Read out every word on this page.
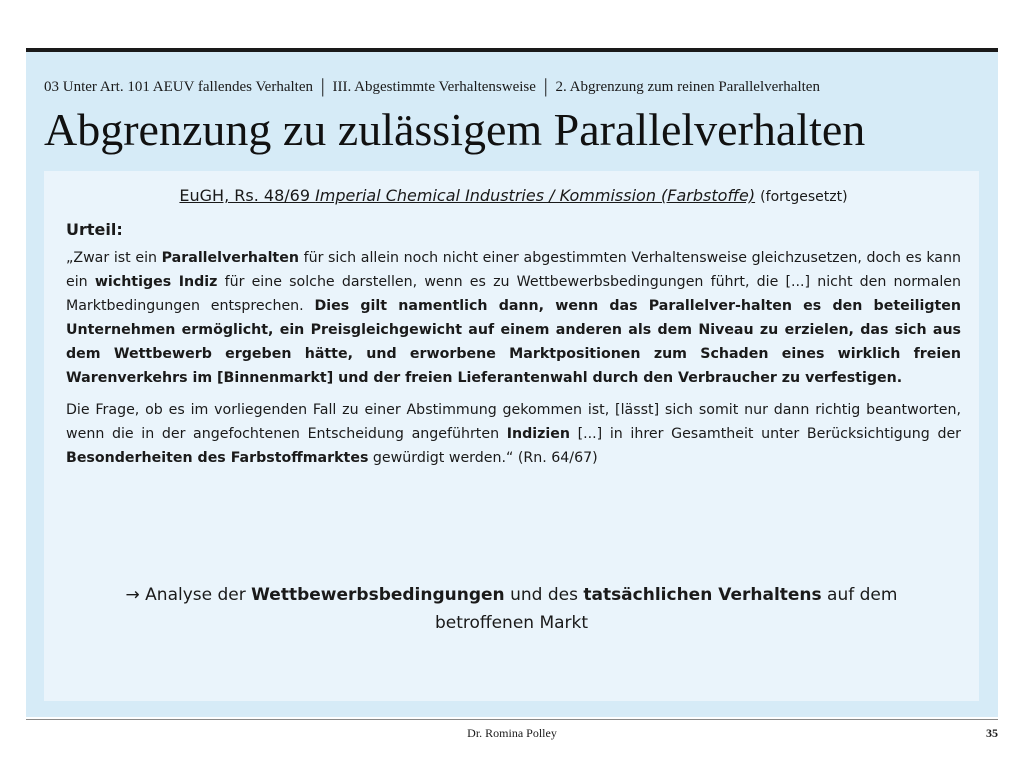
03 Unter Art. 101 AEUV fallendes Verhalten | III. Abgestimmte Verhaltensweise | 2. Abgrenzung zum reinen Parallelverhalten
Abgrenzung zu zulässigem Parallelverhalten

EuGH, Rs. 48/69 Imperial Chemical Industries / Kommission (Farbstoffe) (fortgesetzt)

Urteil:

„Zwar ist ein Parallelverhalten für sich allein noch nicht einer abgestimmten Verhaltensweise gleichzusetzen, doch es kann ein wichtiges Indiz für eine solche darstellen, wenn es zu Wettbewerbsbedingungen führt, die [...] nicht den normalen Marktbedingungen entsprechen. Dies gilt namentlich dann, wenn das Parallelver-halten es den beteiligten Unternehmen ermöglicht, ein Preisgleichgewicht auf einem anderen als dem Niveau zu erzielen, das sich aus dem Wettbewerb ergeben hätte, und erworbene Marktpositionen zum Schaden eines wirklich freien Warenverkehrs im [Binnenmarkt] und der freien Lieferantenwahl durch den Verbraucher zu verfestigen.

Die Frage, ob es im vorliegenden Fall zu einer Abstimmung gekommen ist, [lässt] sich somit nur dann richtig beantworten, wenn die in der angefochtenen Entscheidung angeführten Indizien [...] in ihrer Gesamtheit unter Berücksichtigung der Besonderheiten des Farbstoffmarktes gewürdigt werden.“ (Rn. 64/67)

→ Analyse der Wettbewerbsbedingungen und des tatsächlichen Verhaltens auf dem betroffenen Markt
Dr. Romina Polley	35
